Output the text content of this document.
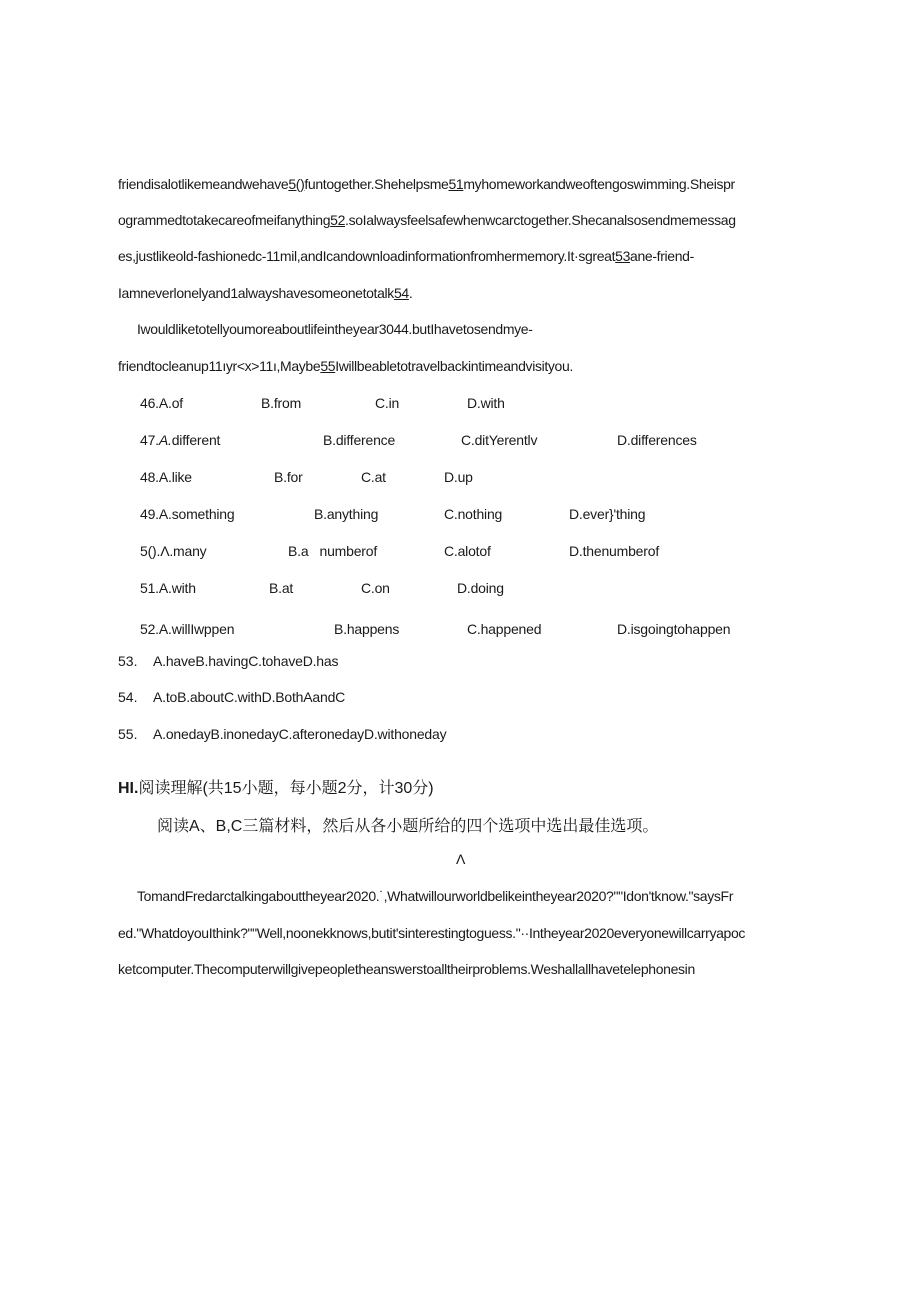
friendisalotlikemeandwehave5()funtogether.Shehelpsme51myhomeworkandweoftengoswimming.Sheispr
ogrammedtotakecareofmeifanything52.soIalwaysfeelsafewhenwcarctogether.Shecanalsosendmemessag
es,justlikeold-fashionedc-11mil,andIcandownloadinformationfromhermemory.It·sgreat53ane-friend-
Iamneverlonelyand1alwayshavesomeonetotalk54.
Iwouldliketotellyoumoreaboutlifeintheyear3044.butIhavetosendmye-
friendtocleanup11ıyr<x>11ı,Maybe55Iwillbeabletotravelbackintimeandvisityou.
46.A.of	B.from	C.in	D.with
47.A.different	B.difference	C.ditYerentlv	D.differences
48.A.like	B.for	C.at	D.up
49.A.something	B.anything	C.nothing	D.ever}'thing
5().Λ.many	B.a   numberof	C.alotof	D.thenumberof
51.A.with	B.at	C.on	D.doing
52.A.willIwppen	B.happens	C.happened	D.isgoingtohappen
53. A.haveB.havingC.tohaveD.has
54. A.toB.aboutC.withD.BothAandC
55. A.onedayB.inonedayC.afteronedayD.withoneday
HI.阅读理解(共15小题，每小题2分，计30分)
阅读A、B,C三篇材料，然后从各小题所给的四个选项中选出最佳选项。
Λ
TomandFredarctalkingabouttheyear2020.˙,Whatwillourworldbelikeintheyear2020?""Idon'tknow."saysFr
ed."WhatdoyouIthink?""Well,noonekknows,butit'sinterestingtoguess."··Intheyear2020everyonewillcarryapoc
ketcomputer.Thecomputerwillgivepeopletheanswerstoalltheirproblems.Weshallallhavetelephonesin
